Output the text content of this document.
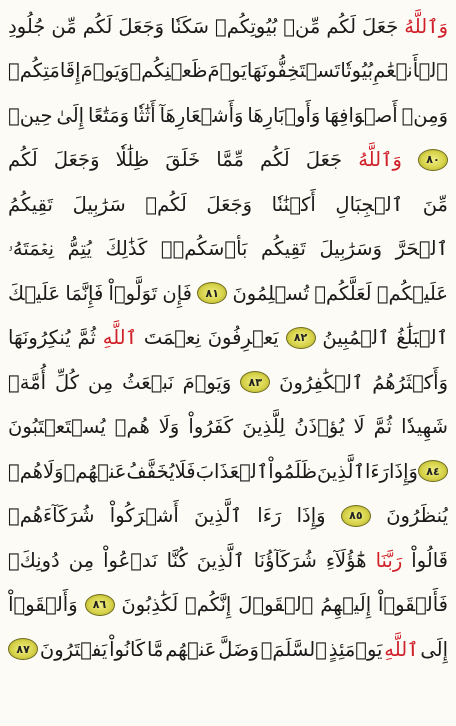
وَٱللَّهُ
جَعَلَ
لَكُم
مِّنۢ
بُيُوتِكُمۡ
سَكَنٗا
وَجَعَلَ
لَكُم
مِّن
جُلُودِ
ٱلۡأَنۡعَٰمِ
بُيُوتٗا
تَسۡتَخِفُّونَهَا
يَوۡمَ
ظَعۡنِكُمۡ
وَيَوۡمَ
إِقَامَتِكُمۡ
وَمِنۡ
أَصۡوَافِهَا
وَأَوۡبَارِهَا
وَأَشۡعَارِهَآ
أَثَٰثٗا
وَمَتَٰعًا
إِلَىٰ
حِينٖ
٨٠
وَٱللَّهُ
جَعَلَ
لَكُم
مِّمَّا
خَلَقَ
ظِلَٰلٗا
وَجَعَلَ
لَكُم
مِّنَ
ٱلۡجِبَالِ
أَكۡنَٰنٗا
وَجَعَلَ
لَكُمۡ
سَرَٰبِيلَ
تَقِيكُمُ
ٱلۡحَرَّ
وَسَرَٰبِيلَ
تَقِيكُم
بَأۡسَكُمۡۚ
كَذَٰلِكَ
يُتِمُّ
نِعۡمَتَهُۥ
عَلَيۡكُمۡ
لَعَلَّكُمۡ
تُسۡلِمُونَ
٨١
فَإِن
تَوَلَّوۡاْ
فَإِنَّمَا
عَلَيۡكَ
ٱلۡبَلَٰغُ
ٱلۡمُبِينُ
٨٢
يَعۡرِفُونَ
نِعۡمَتَ
ٱللَّهِ
ثُمَّ
يُنكِرُونَهَا
وَأَكۡثَرُهُمُ
ٱلۡكَٰفِرُونَ
٨٣
وَيَوۡمَ
نَبۡعَثُ
مِن
كُلِّ
أُمَّةٖ
شَهِيدٗا
ثُمَّ
لَا
يُؤۡذَنُ
لِلَّذِينَ
كَفَرُواْ
وَلَا
هُمۡ
يُسۡتَعۡتَبُونَ
٨٤
وَإِذَا
رَءَا
ٱلَّذِينَ
ظَلَمُواْ
ٱلۡعَذَابَ
فَلَا
يُخَفَّفُ
عَنۡهُمۡ
وَلَا
هُمۡ
يُنظَرُونَ
٨٥
وَإِذَا
رَءَا
ٱلَّذِينَ
أَشۡرَكُواْ
شُرَكَآءَهُمۡ
قَالُواْ
رَبَّنَا
هَٰٓؤُلَآءِ
شُرَكَآؤُنَا
ٱلَّذِينَ
كُنَّا
نَدۡعُواْ
مِن
دُونِكَۖ
فَأَلۡقَوۡاْ
إِلَيۡهِمُ
ٱلۡقَوۡلَ
إِنَّكُمۡ
لَكَٰذِبُونَ
٨٦
وَأَلۡقَوۡاْ
إِلَى
ٱللَّهِ
يَوۡمَئِذٍ
ٱلسَّلَمَۖ
وَضَلَّ
عَنۡهُم
مَّا
كَانُواْ
يَفۡتَرُونَ
٨٧
